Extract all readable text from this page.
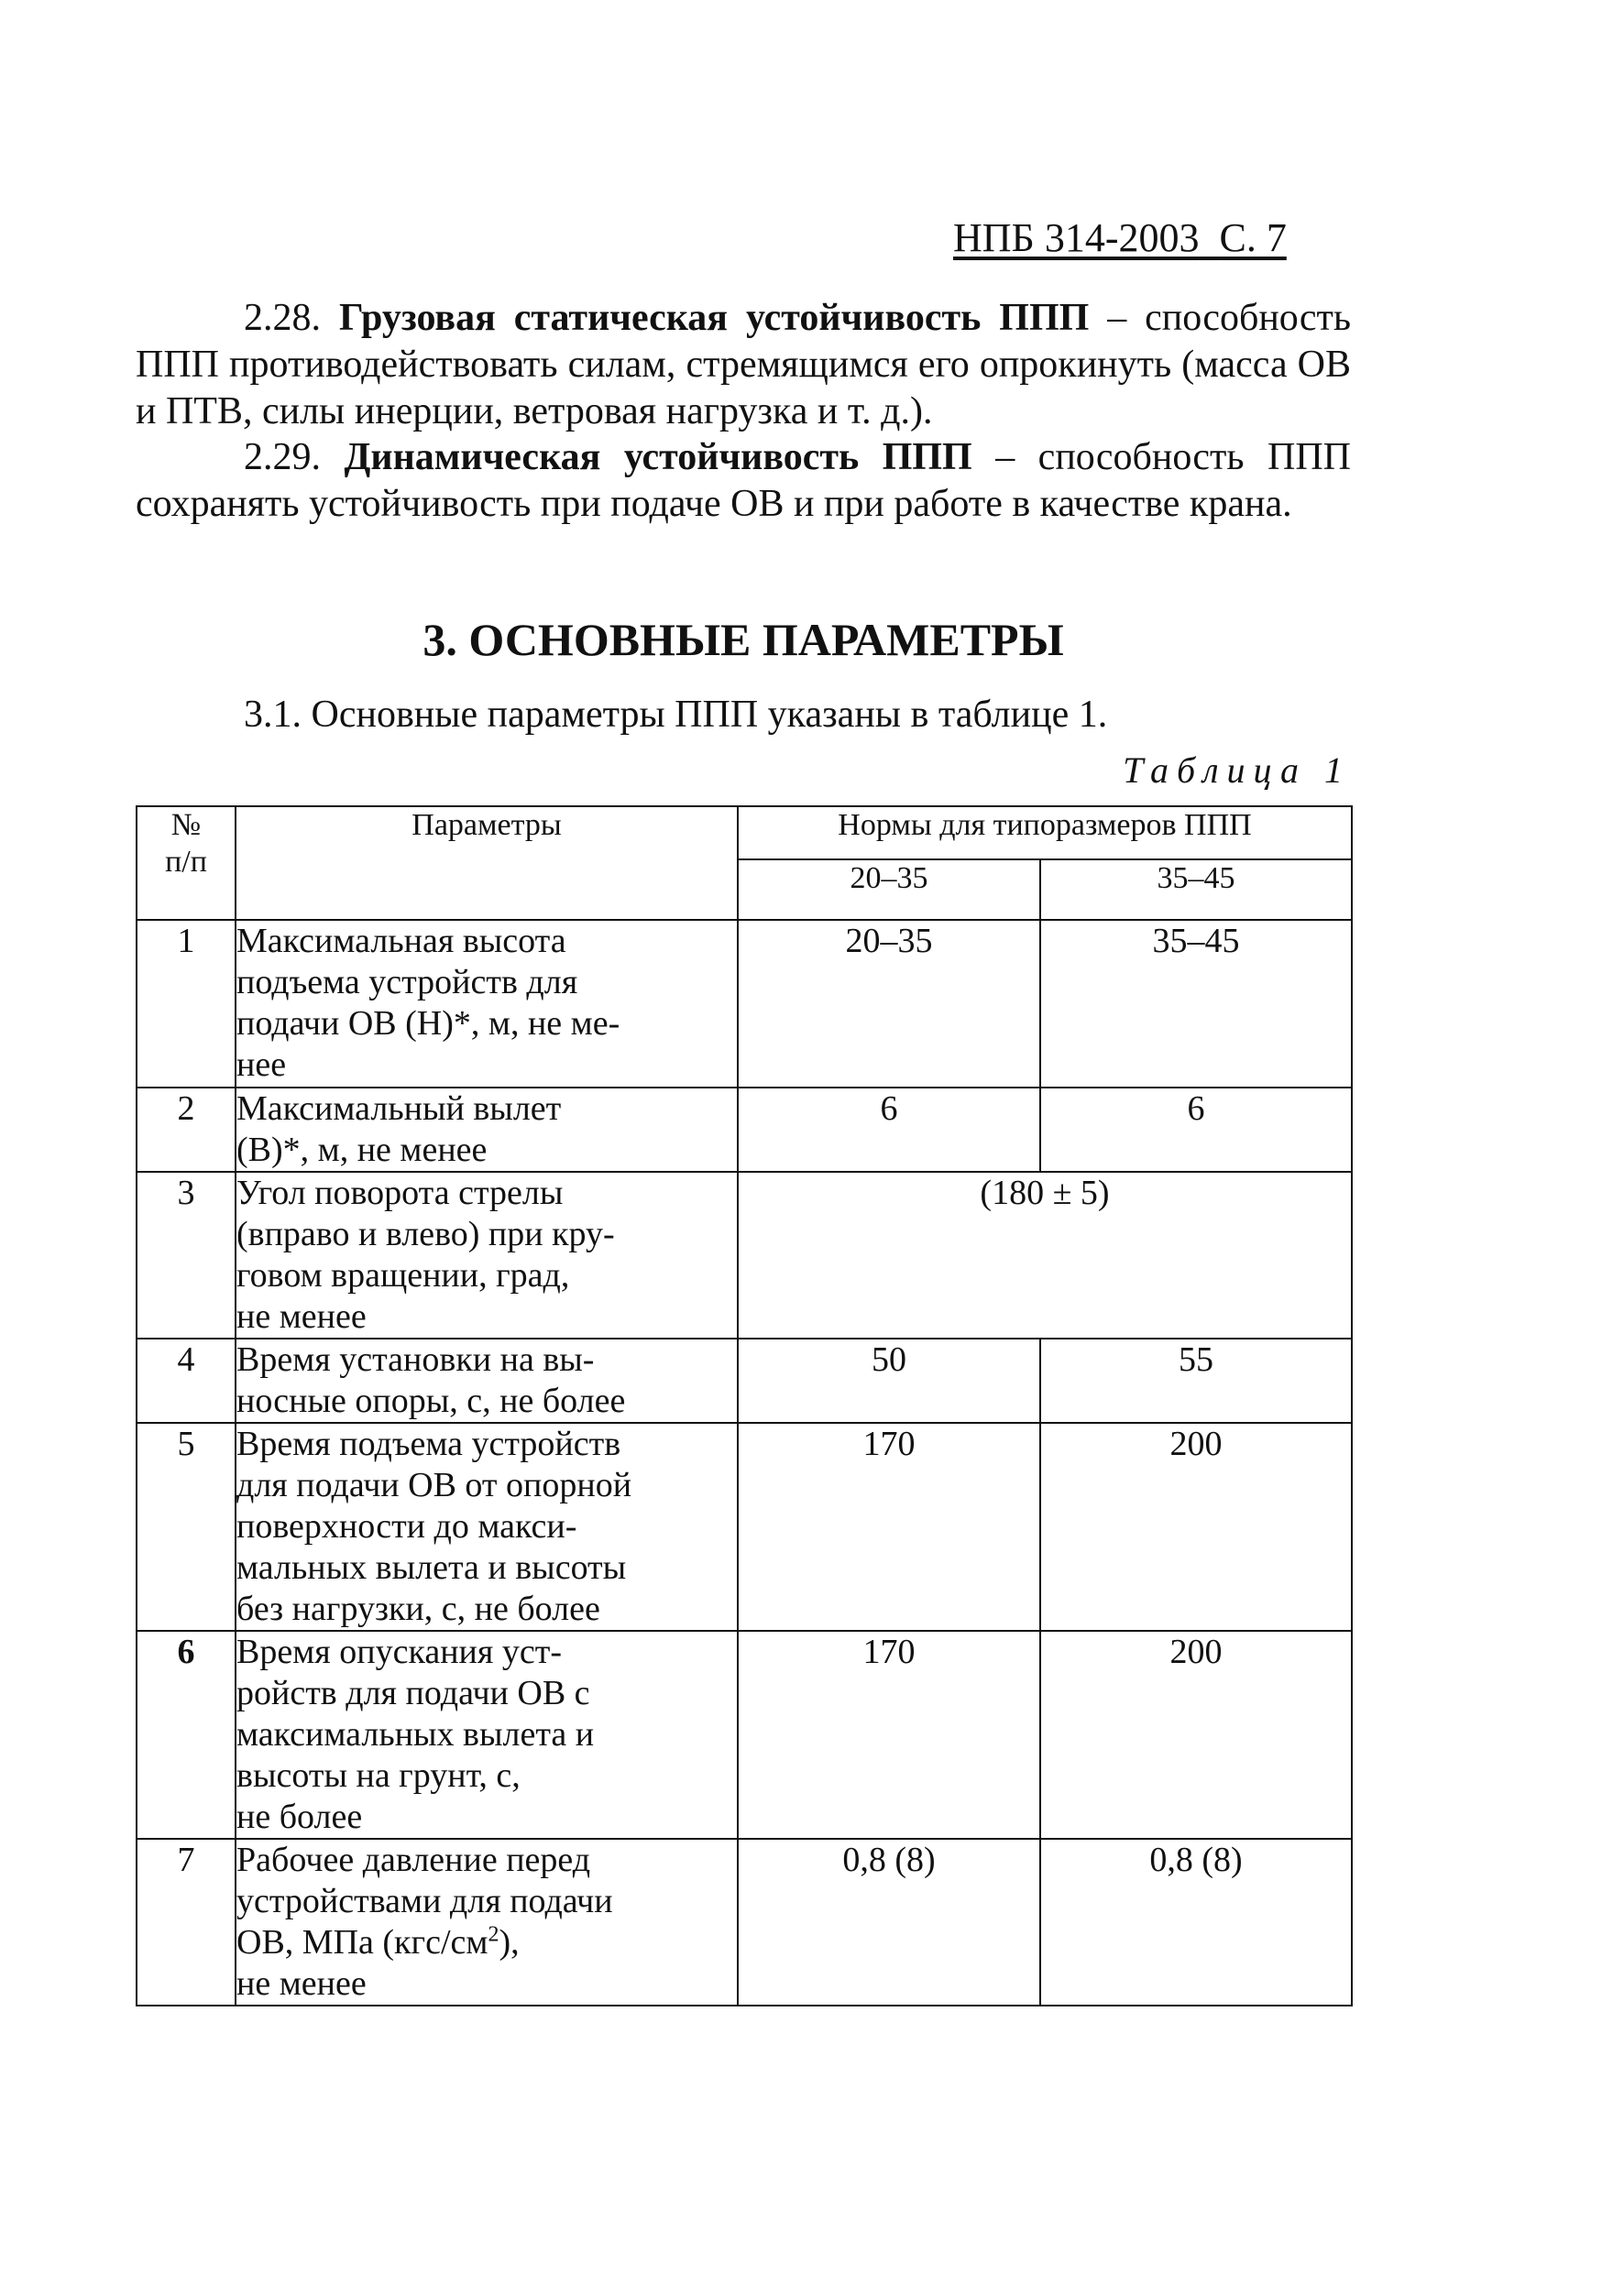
НПБ 314-2003 С. 7
2.28. Грузовая статическая устойчивость ППП – способность ППП противодействовать силам, стремящимся его опрокинуть (масса ОВ и ПТВ, силы инерции, ветровая нагрузка и т. д.).
2.29. Динамическая устойчивость ППП – способность ППП сохранять устойчивость при подаче ОВ и при работе в качестве крана.
3. ОСНОВНЫЕ ПАРАМЕТРЫ
3.1. Основные параметры ППП указаны в таблице 1.
Таблица 1
№
п/п	Параметры	Нормы для типоразмеров ППП	
		20–35	35–45
1	Максимальная высота
подъема устройств для
подачи ОВ (H)*, м, не ме-
нее	20–35	35–45
2	Максимальный вылет
(B)*, м, не менее	6	6
3	Угол поворота стрелы
(вправо и влево) при кру-
говом вращении, град,
не менее	(180 ± 5)	
4	Время установки на вы-
носные опоры, с, не более	50	55
5	Время подъема устройств
для подачи ОВ от опорной
поверхности до макси-
мальных вылета и высоты
без нагрузки, с, не более	170	200
6	Время опускания уст-
ройств для подачи ОВ с
максимальных вылета и
высоты на грунт, с,
не более	170	200
7	Рабочее давление перед
устройствами для подачи
ОВ, МПа $(кгс/см^2)$,
не менее	0,8 (8)	0,8 (8)
